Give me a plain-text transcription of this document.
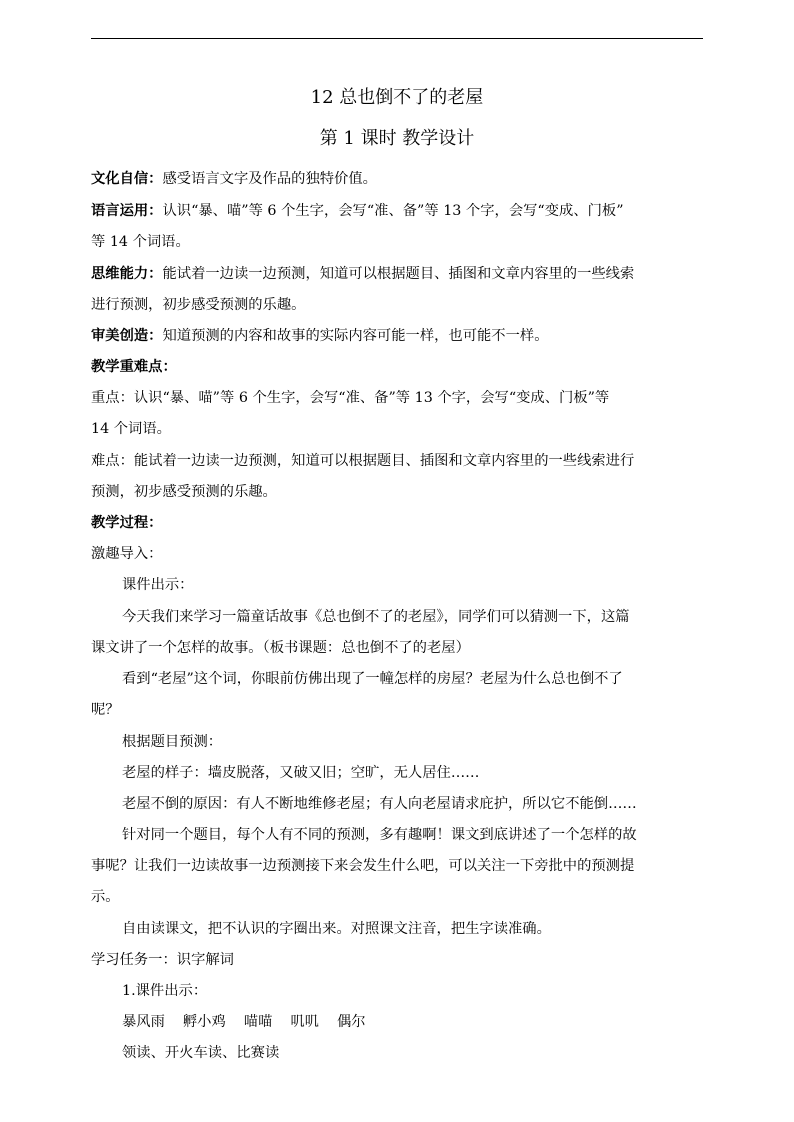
12 总也倒不了的老屋
第 1 课时 教学设计
文化自信：感受语言文字及作品的独特价值。
语言运用：认识“暴、喵”等 6 个生字，会写“准、备”等 13 个字，会写“变成、门板”
等 14 个词语。
思维能力：能试着一边读一边预测，知道可以根据题目、插图和文章内容里的一些线索
进行预测，初步感受预测的乐趣。
审美创造：知道预测的内容和故事的实际内容可能一样，也可能不一样。
教学重难点：
重点：认识“暴、喵”等 6 个生字，会写“准、备”等 13 个字，会写“变成、门板”等
14 个词语。
难点：能试着一边读一边预测，知道可以根据题目、插图和文章内容里的一些线索进行
预测，初步感受预测的乐趣。
教学过程：
激趣导入：
课件出示：
今天我们来学习一篇童话故事《总也倒不了的老屋》，同学们可以猜测一下，这篇
课文讲了一个怎样的故事。（板书课题：总也倒不了的老屋）
看到“老屋”这个词，你眼前仿佛出现了一幢怎样的房屋？老屋为什么总也倒不了
呢？
根据题目预测：
老屋的样子：墙皮脱落，又破又旧；空旷，无人居住……
老屋不倒的原因：有人不断地维修老屋；有人向老屋请求庇护，所以它不能倒……
针对同一个题目，每个人有不同的预测，多有趣啊！课文到底讲述了一个怎样的故
事呢？让我们一边读故事一边预测接下来会发生什么吧，可以关注一下旁批中的预测提
示。
自由读课文，把不认识的字圈出来。对照课文注音，把生字读准确。
学习任务一：识字解词
1.课件出示：
暴风雨 孵小鸡 喵喵 叽叽 偶尔
领读、开火车读、比赛读
